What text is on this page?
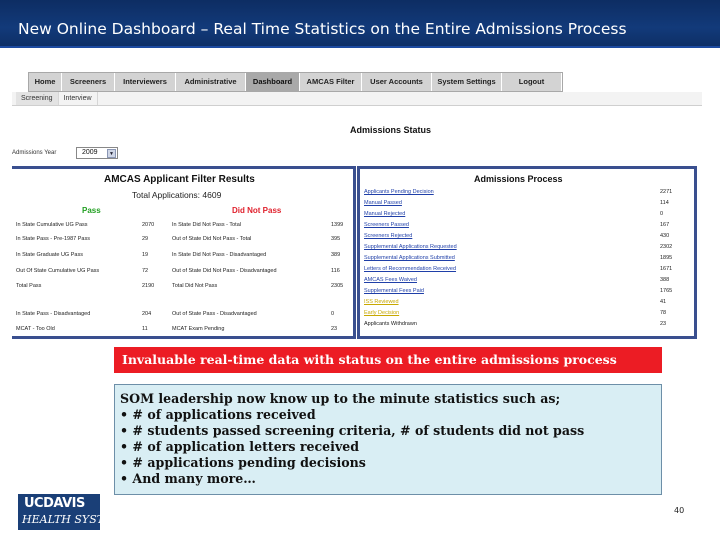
New Online Dashboard – Real Time Statistics on the Entire Admissions Process
Home	Screeners	Interviewers	Administrative	Dashboard	AMCAS Filter	User Accounts	System Settings	Logout
Screening	Interview
Admissions Status
Admissions Year	2009	▼
AMCAS Applicant Filter Results
Total Applications: 4609
Pass	Did Not Pass
In State Cumulative UG Pass	2070	In State Did Not Pass - Total	1399
In State Pass - Pre-1987 Pass	29	Out of State Did Not Pass - Total	395
In State Graduate UG Pass	19	In State Did Not Pass - Disadvantaged	389
Out Of State Cumulative UG Pass	72	Out of State Did Not Pass - Disadvantaged	116
Total Pass	2190	Total Did Not Pass	2305
In State Pass - Disadvantaged	204	Out of State Pass - Disadvantaged	0
MCAT - Too Old	11	MCAT Exam Pending	23
Admissions Process
Applicants Pending Decision	2271
Manual Passed	114
Manual Rejected	0
Screeners Passed	167
Screeners Rejected	430
Supplemental Applications Requested	2302
Supplemental Applications Submitted	1895
Letters of Recommendation Received	1671
AMCAS Fees Waived	388
Supplemental Fees Paid	1765
ISS Reviewed	41
Early Decision	78
Applicants Withdrawn	23
Invaluable real-time data with status on the entire admissions process
SOM leadership now know up to the minute statistics such as;
• # of applications received
• # students passed screening criteria, # of students did not pass
• # of application letters received
• # applications pending decisions
• And many more…
UCDAVIS
HEALTH SYSTEM
40
